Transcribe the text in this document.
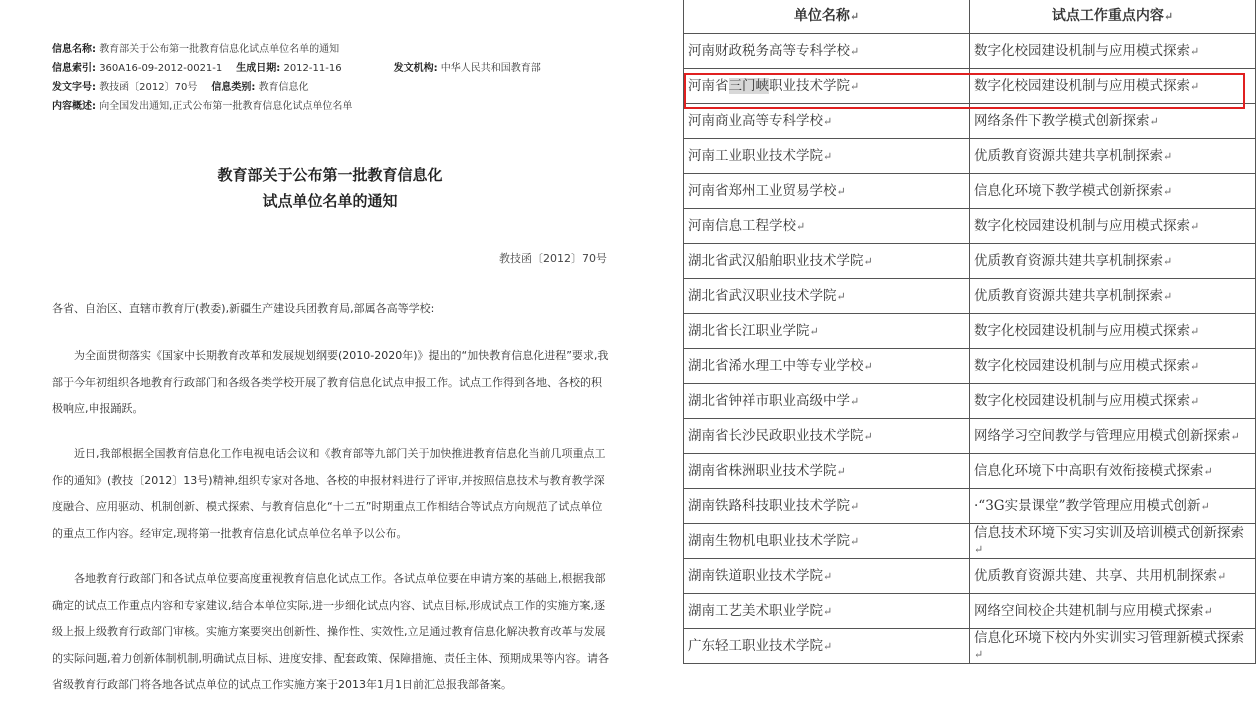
信息名称: 教育部关于公布第一批教育信息化试点单位名单的通知
信息索引: 360A16-09-2012-0021-1 生成日期: 2012-11-16	发文机构: 中华人民共和国教育部
发文字号: 教技函〔2012〕70号 信息类别: 教育信息化
内容概述: 向全国发出通知,正式公布第一批教育信息化试点单位名单
教育部关于公布第一批教育信息化
试点单位名单的通知
教技函〔2012〕70号
各省、自治区、直辖市教育厅(教委),新疆生产建设兵团教育局,部属各高等学校:

为全面贯彻落实《国家中长期教育改革和发展规划纲要(2010-2020年)》提出的“加快教育信息化进程”要求,我部于今年初组织各地教育行政部门和各级各类学校开展了教育信息化试点申报工作。试点工作得到各地、各校的积极响应,申报踊跃。

近日,我部根据全国教育信息化工作电视电话会议和《教育部等九部门关于加快推进教育信息化当前几项重点工作的通知》(教技〔2012〕13号)精神,组织专家对各地、各校的申报材料进行了评审,并按照信息技术与教育教学深度融合、应用驱动、机制创新、模式探索、与教育信息化“十二五”时期重点工作相结合等试点方向规范了试点单位的重点工作内容。经审定,现将第一批教育信息化试点单位名单予以公布。

各地教育行政部门和各试点单位要高度重视教育信息化试点工作。各试点单位要在申请方案的基础上,根据我部确定的试点工作重点内容和专家建议,结合本单位实际,进一步细化试点内容、试点目标,形成试点工作的实施方案,逐级上报上级教育行政部门审核。实施方案要突出创新性、操作性、实效性,立足通过教育信息化解决教育改革与发展的实际问题,着力创新体制机制,明确试点目标、进度安排、配套政策、保障措施、责任主体、预期成果等内容。请各省级教育行政部门将各地各试点单位的试点工作实施方案于2013年1月1日前汇总报我部备案。

单位名称↵	试点工作重点内容↵
河南财政税务高等专科学校↵	数字化校园建设机制与应用模式探索↵
河南省三门峡职业技术学院↵	数字化校园建设机制与应用模式探索↵
河南商业高等专科学校↵	网络条件下教学模式创新探索↵
河南工业职业技术学院↵	优质教育资源共建共享机制探索↵
河南省郑州工业贸易学校↵	信息化环境下教学模式创新探索↵
河南信息工程学校↵	数字化校园建设机制与应用模式探索↵
湖北省武汉船舶职业技术学院↵	优质教育资源共建共享机制探索↵
湖北省武汉职业技术学院↵	优质教育资源共建共享机制探索↵
湖北省长江职业学院↵	数字化校园建设机制与应用模式探索↵
湖北省浠水理工中等专业学校↵	数字化校园建设机制与应用模式探索↵
湖北省钟祥市职业高级中学↵	数字化校园建设机制与应用模式探索↵
湖南省长沙民政职业技术学院↵	网络学习空间教学与管理应用模式创新探索↵
湖南省株洲职业技术学院↵	信息化环境下中高职有效衔接模式探索↵
湖南铁路科技职业技术学院↵	·“3G实景课堂”教学管理应用模式创新↵
湖南生物机电职业技术学院↵	信息技术环境下实习实训及培训模式创新探索↵
湖南铁道职业技术学院↵	优质教育资源共建、共享、共用机制探索↵
湖南工艺美术职业学院↵	网络空间校企共建机制与应用模式探索↵
广东轻工职业技术学院↵	信息化环境下校内外实训实习管理新模式探索↵
